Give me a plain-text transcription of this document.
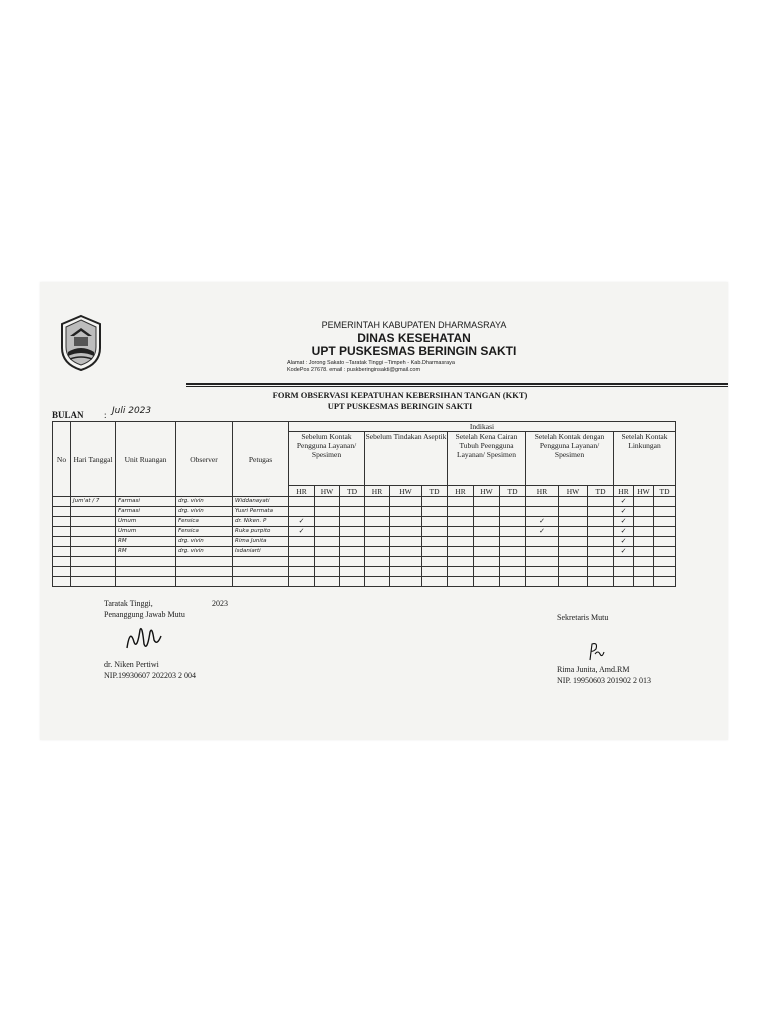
PEMERINTAH KABUPATEN DHARMASRAYA
DINAS KESEHATAN
UPT PUSKESMAS BERINGIN SAKTI
Alamat : Jorong Sakato –Taratak Tinggi –Timpeh - Kab.Dharmasraya
KodePos 27678. email : puskberinginsakti@gmail.com
FORM OBSERVASI KEPATUHAN KEBERSIHAN TANGAN (KKT)
UPT PUSKESMAS BERINGIN SAKTI
BULAN : Juli 2023
No	Hari Tanggal	Unit Ruangan	Observer	Petugas	Indikasi														
					Sebelum Kontak Pengguna Layanan/ Spesimen			Sebelum Tindakan Aseptik			Setelah Kena Cairan Tubuh Peengguna Layanan/ Spesimen			Setelah Kontak dengan Pengguna Layanan/ Spesimen			Setelah Kontak Linkungan		
					HR	HW	TD	HR	HW	TD	HR	HW	TD	HR	HW	TD	HR	HW	TD
	Jum'at / 7	Farmasi	drg. vivin	Widdanayati													✓		
		Farmasi	drg. vivin	Yusri Permata													✓		
		Umum	Fensica	dr. Niken. P	✓									✓			✓		
		Umum	Fensica	Ruka purpito	✓									✓			✓		
		RM	drg. vivin	Rima Junita													✓		
		RM	drg. vivin	Isdaniarti													✓		

Taratak Tinggi,	2023
Penanggung Jawab Mutu
dr. Niken Pertiwi
NIP.19930607 202203 2 004
Sekretaris Mutu
Rima Junita, Amd.RM
NIP. 19950603 201902 2 013
